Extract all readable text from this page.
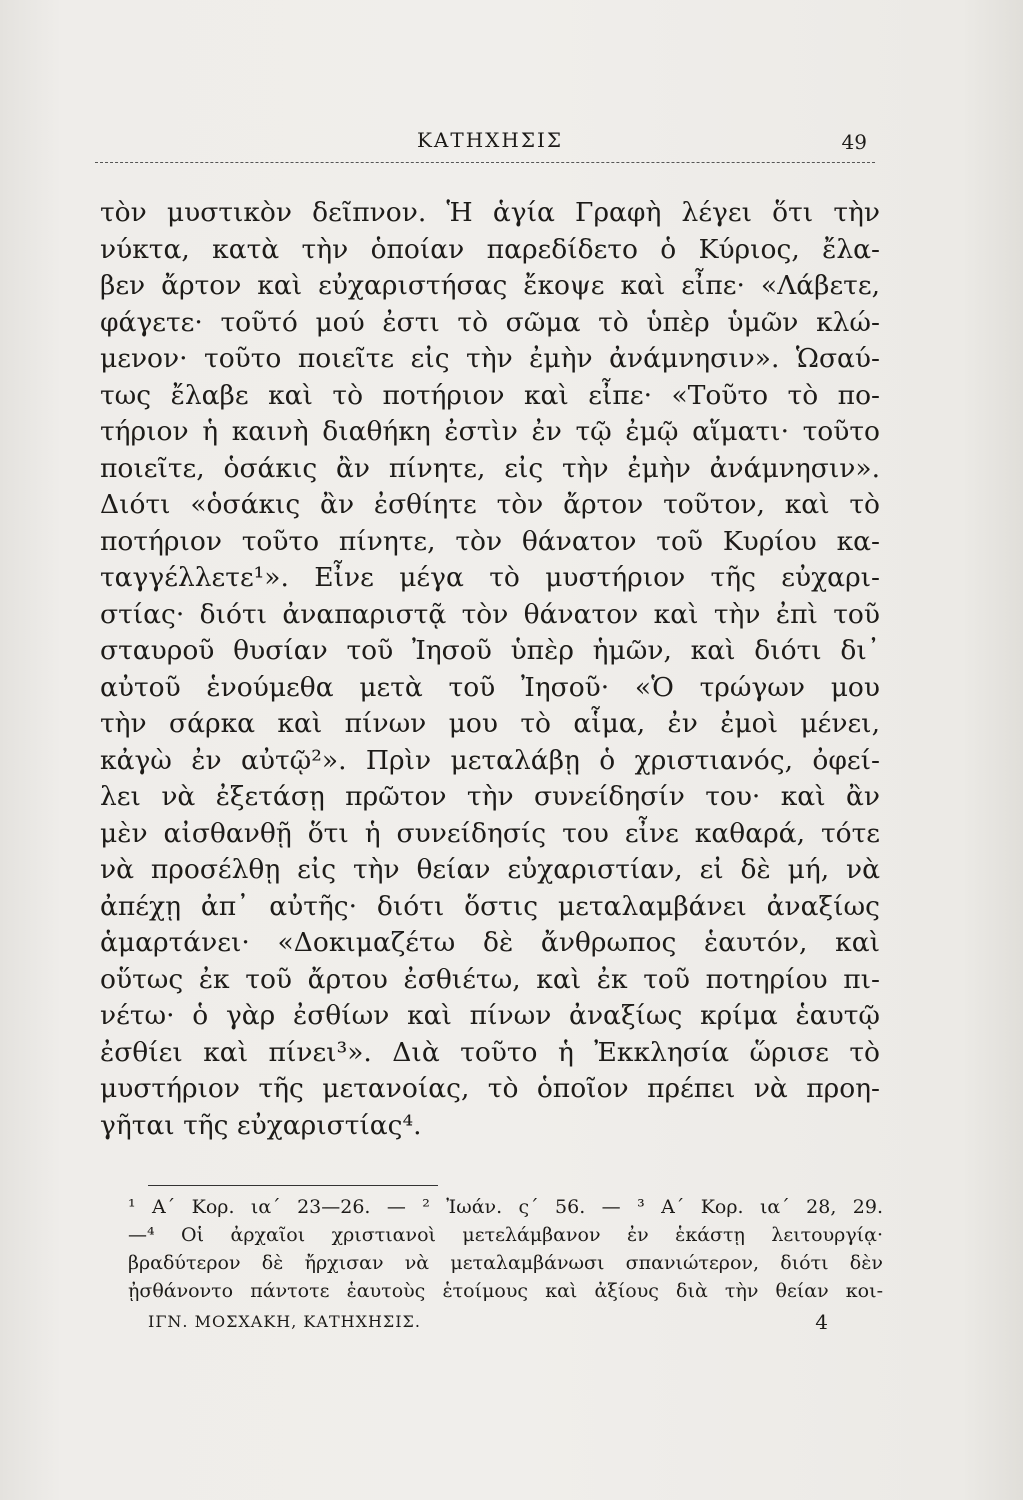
ΚΑΤΗΧΗΣΙΣ	49
τὸν μυστικὸν δεῖπνον. Ἡ ἁγία Γραφὴ λέγει ὅτι τὴν
νύκτα, κατὰ τὴν ὁποίαν παρεδίδετο ὁ Κύριος, ἔλα-
βεν ἄρτον καὶ εὐχαριστήσας ἔκοψε καὶ εἶπε· «Λάβετε,
φάγετε· τοῦτό μού ἐστι τὸ σῶμα τὸ ὑπὲρ ὑμῶν κλώ-
μενον· τοῦτο ποιεῖτε εἰς τὴν ἐμὴν ἀνάμνησιν». Ὡσαύ-
τως ἔλαβε καὶ τὸ ποτήριον καὶ εἶπε· «Τοῦτο τὸ πο-
τήριον ἡ καινὴ διαθήκη ἐστὶν ἐν τῷ ἐμῷ αἵματι· τοῦτο
ποιεῖτε, ὁσάκις ἂν πίνητε, εἰς τὴν ἐμὴν ἀνάμνησιν».
Διότι «ὁσάκις ἂν ἐσθίητε τὸν ἄρτον τοῦτον, καὶ τὸ
ποτήριον τοῦτο πίνητε, τὸν θάνατον τοῦ Κυρίου κα-
ταγγέλλετε¹». Εἶνε μέγα τὸ μυστήριον τῆς εὐχαρι-
στίας· διότι ἀναπαριστᾷ τὸν θάνατον καὶ τὴν ἐπὶ τοῦ
σταυροῦ θυσίαν τοῦ Ἰησοῦ ὑπὲρ ἡμῶν, καὶ διότι δι᾽
αὐτοῦ ἑνούμεθα μετὰ τοῦ Ἰησοῦ· «Ὁ τρώγων μου
τὴν σάρκα καὶ πίνων μου τὸ αἷμα, ἐν ἐμοὶ μένει,
κἀγὼ ἐν αὐτῷ²». Πρὶν μεταλάβῃ ὁ χριστιανός, ὀφεί-
λει νὰ ἐξετάσῃ πρῶτον τὴν συνείδησίν του· καὶ ἂν
μὲν αἰσθανθῇ ὅτι ἡ συνείδησίς του εἶνε καθαρά, τότε
νὰ προσέλθῃ εἰς τὴν θείαν εὐχαριστίαν, εἰ δὲ μή, νὰ
ἀπέχῃ ἀπ᾽ αὐτῆς· διότι ὅστις μεταλαμβάνει ἀναξίως
ἁμαρτάνει· «Δοκιμαζέτω δὲ ἄνθρωπος ἑαυτόν, καὶ
οὕτως ἐκ τοῦ ἄρτου ἐσθιέτω, καὶ ἐκ τοῦ ποτηρίου πι-
νέτω· ὁ γὰρ ἐσθίων καὶ πίνων ἀναξίως κρίμα ἑαυτῷ
ἐσθίει καὶ πίνει³». Διὰ τοῦτο ἡ Ἐκκλησία ὥρισε τὸ
μυστήριον τῆς μετανοίας, τὸ ὁποῖον πρέπει νὰ προη-
γῆται τῆς εὐχαριστίας⁴.
¹ Α΄ Κορ. ια΄ 23—26. — ² Ἰωάν. ς΄ 56. — ³ Α΄ Κορ. ια΄ 28, 29.
—⁴ Οἱ ἀρχαῖοι χριστιανοὶ μετελάμβανον ἐν ἑκάστῃ λειτουργίᾳ·
βραδύτερον δὲ ἤρχισαν νὰ μεταλαμβάνωσι σπανιώτερον, διότι δὲν
ᾐσθάνοντο πάντοτε ἑαυτοὺς ἑτοίμους καὶ ἀξίους διὰ τὴν θείαν κοι-
ΙΓΝ. ΜΟΣΧΑΚΗ, ΚΑΤΗΧΗΣΙΣ.	4
